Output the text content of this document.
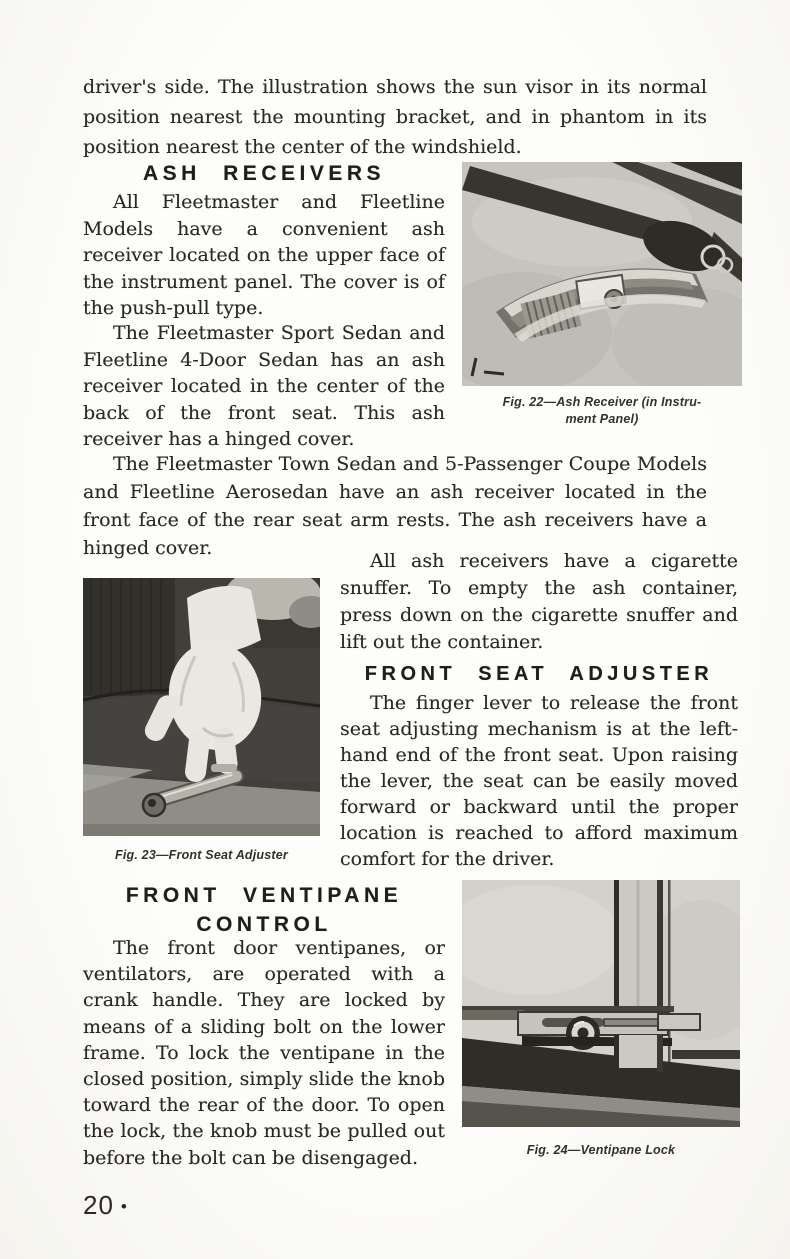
driver's side. The illustration shows the sun visor in its normal position nearest the mounting bracket, and in phantom in its position nearest the center of the windshield.

ASH RECEIVERS

All Fleetmaster and Fleetline Models have a convenient ash receiver located on the upper face of the instrument panel. The cover is of the push-pull type.

The Fleetmaster Sport Sedan and Fleetline 4-Door Sedan has an ash receiver located in the center of the back of the front seat. This ash receiver has a hinged cover.

The Fleetmaster Town Sedan and 5-Passenger Coupe Models and Fleetline Aerosedan have an ash receiver located in the front face of the rear seat arm rests. The ash receivers have a hinged cover.

All ash receivers have a cigarette snuffer. To empty the ash container, press down on the cigarette snuffer and lift out the container.

FRONT SEAT ADJUSTER

The finger lever to release the front seat adjusting mechanism is at the left-hand end of the front seat. Upon raising the lever, the seat can be easily moved forward or backward until the proper location is reached to afford maximum comfort for the driver.

FRONT VENTIPANE
CONTROL

The front door ventipanes, or ventilators, are operated with a crank handle. They are locked by means of a sliding bolt on the lower frame. To lock the ventipane in the closed position, simply slide the knob toward the rear of the door. To open the lock, the knob must be pulled out before the bolt can be disengaged.

Fig. 22—Ash Receiver (in Instru-
ment Panel)
Fig. 23—Front Seat Adjuster
Fig. 24—Ventipane Lock
20 •
